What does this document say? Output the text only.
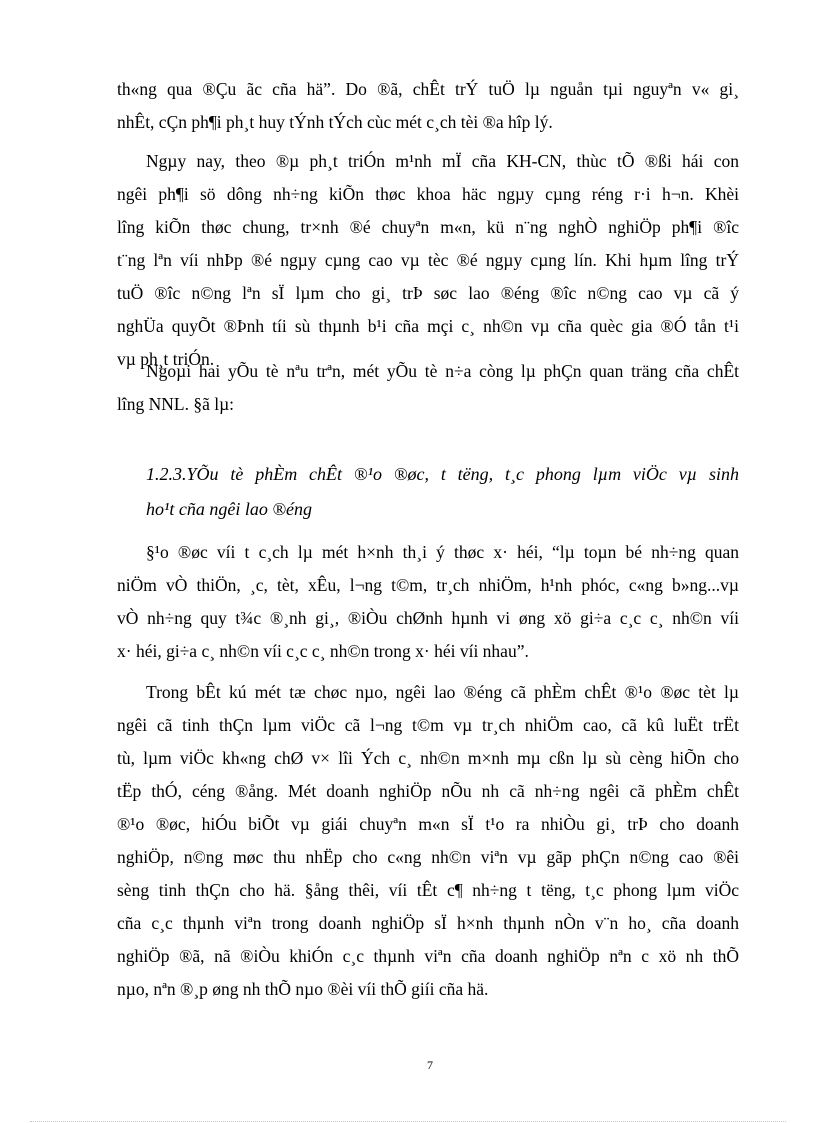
th«ng qua ®Çu ãc cña hä”. Do ®ã, chÊt trÝ tuÖ lµ nguån tµi nguyªn v« gi¸
nhÊt, cÇn ph¶i ph¸t huy tÝnh tÝch cùc mét c¸ch tèi ®a hîp lý.
Ngµy nay, theo ®µ ph¸t triÓn m¹nh mÏ cña KH-CN, thùc tÕ ®ßi hái con
ngêi ph¶i sö dông nh÷ng kiÕn thøc khoa häc ngµy cµng réng r·i h¬n. Khèi
lîng kiÕn thøc chung, tr×nh ®é chuyªn m«n, kü n¨ng nghÒ nghiÖp ph¶i ®îc
t¨ng lªn víi nhÞp ®é ngµy cµng cao vµ tèc ®é ngµy cµng lín. Khi hµm lîng trÝ
tuÖ ®îc n©ng lªn sÏ lµm cho gi¸ trÞ søc lao ®éng ®îc n©ng cao vµ cã ý
nghÜa quyÕt ®Þnh tíi sù thµnh b¹i cña mçi c¸ nh©n vµ cña quèc gia ®Ó tån t¹i
vµ ph¸t triÓn.
Ngoµi hai yÕu tè nªu trªn, mét yÕu tè n÷a còng lµ phÇn quan träng cña chÊt
lîng NNL. §ã lµ:
1.2.3.YÕu tè phÈm chÊt ®¹o ®øc, t tëng, t¸c phong lµm viÖc vµ sinh
ho¹t cña ngêi lao ®éng
§¹o ®øc víi t c¸ch lµ mét h×nh th¸i ý thøc x· héi, “lµ toµn bé nh÷ng quan
niÖm vÒ thiÖn, ¸c, tèt, xÊu, l¬ng t©m, tr¸ch nhiÖm, h¹nh phóc, c«ng b»ng...vµ
vÒ nh÷ng quy t¾c ®¸nh gi¸, ®iÒu chØnh hµnh vi øng xö gi÷a c¸c c¸ nh©n víi
x· héi, gi÷a c¸ nh©n víi c¸c c¸ nh©n trong x· héi víi nhau”.
Trong bÊt kú mét tæ chøc nµo, ngêi lao ®éng cã phÈm chÊt ®¹o ®øc tèt lµ
ngêi cã tinh thÇn lµm viÖc cã l¬ng t©m vµ tr¸ch nhiÖm cao, cã kû luËt trËt
tù, lµm viÖc kh«ng chØ v× lîi Ých c¸ nh©n m×nh mµ cßn lµ sù cèng hiÕn cho
tËp thÓ, céng ®ång. Mét doanh nghiÖp nÕu nh cã nh÷ng ngêi cã phÈm chÊt
®¹o ®øc, hiÓu biÕt vµ giái chuyªn m«n sÏ t¹o ra nhiÒu gi¸ trÞ cho doanh
nghiÖp, n©ng møc thu nhËp cho c«ng nh©n viªn vµ gãp phÇn n©ng cao ®êi
sèng tinh thÇn cho hä. §ång thêi, víi tÊt c¶ nh÷ng t tëng, t¸c phong lµm viÖc
cña c¸c thµnh viªn trong doanh nghiÖp sÏ h×nh thµnh nÒn v¨n ho¸ cña doanh
nghiÖp ®ã, nã ®iÒu khiÓn c¸c thµnh viªn cña doanh nghiÖp nªn c xö nh thÕ
nµo, nªn ®¸p øng nh thÕ nµo ®èi víi thÕ giíi cña hä.
7
